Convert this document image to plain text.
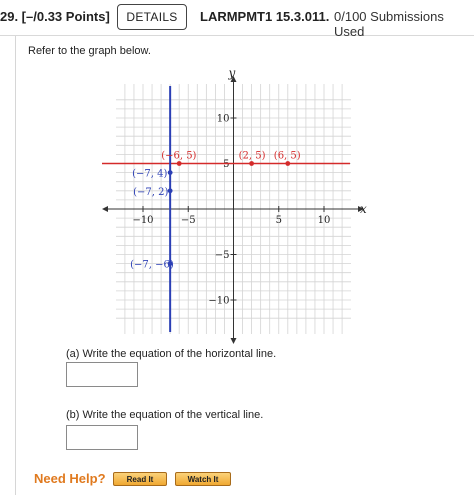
29. [–/0.33 Points]	DETAILS	LARMPMT1 15.3.011. 0/100 Submissions Used
Refer to the graph below.
x
y
−10	−5	5	10
10
5
−5
−10
(−6, 5)	(2, 5) (6, 5)
(−7, 4)
(−7, 2)
(−7, −6)
(a) Write the equation of the horizontal line.
(b) Write the equation of the vertical line.
Need Help?	Read It	Watch It
